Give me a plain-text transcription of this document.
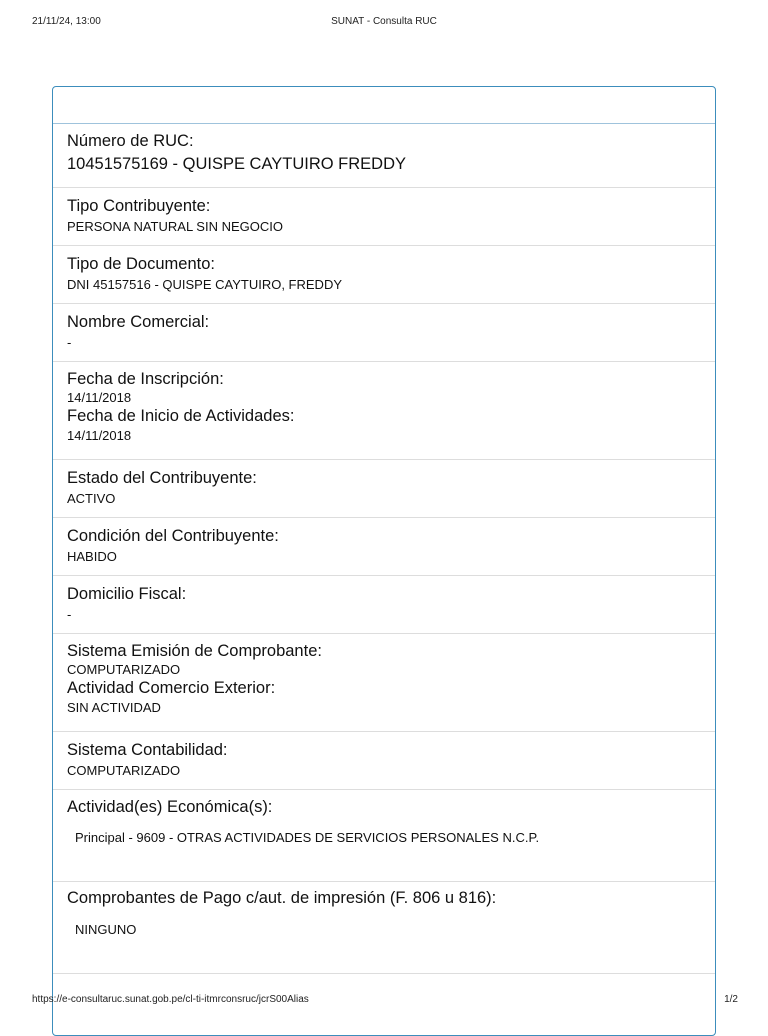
21/11/24, 13:00	SUNAT - Consulta RUC
Número de RUC:
10451575169 - QUISPE CAYTUIRO FREDDY
Tipo Contribuyente:
PERSONA NATURAL SIN NEGOCIO
Tipo de Documento:
DNI 45157516 - QUISPE CAYTUIRO, FREDDY
Nombre Comercial:
-
Fecha de Inscripción:
14/11/2018
Fecha de Inicio de Actividades:
14/11/2018
Estado del Contribuyente:
ACTIVO
Condición del Contribuyente:
HABIDO
Domicilio Fiscal:
-
Sistema Emisión de Comprobante:
COMPUTARIZADO
Actividad Comercio Exterior:
SIN ACTIVIDAD
Sistema Contabilidad:
COMPUTARIZADO
Actividad(es) Económica(s):
Principal - 9609 - OTRAS ACTIVIDADES DE SERVICIOS PERSONALES N.C.P.
Comprobantes de Pago c/aut. de impresión (F. 806 u 816):
NINGUNO
https://e-consultaruc.sunat.gob.pe/cl-ti-itmrconsruc/jcrS00Alias	1/2
